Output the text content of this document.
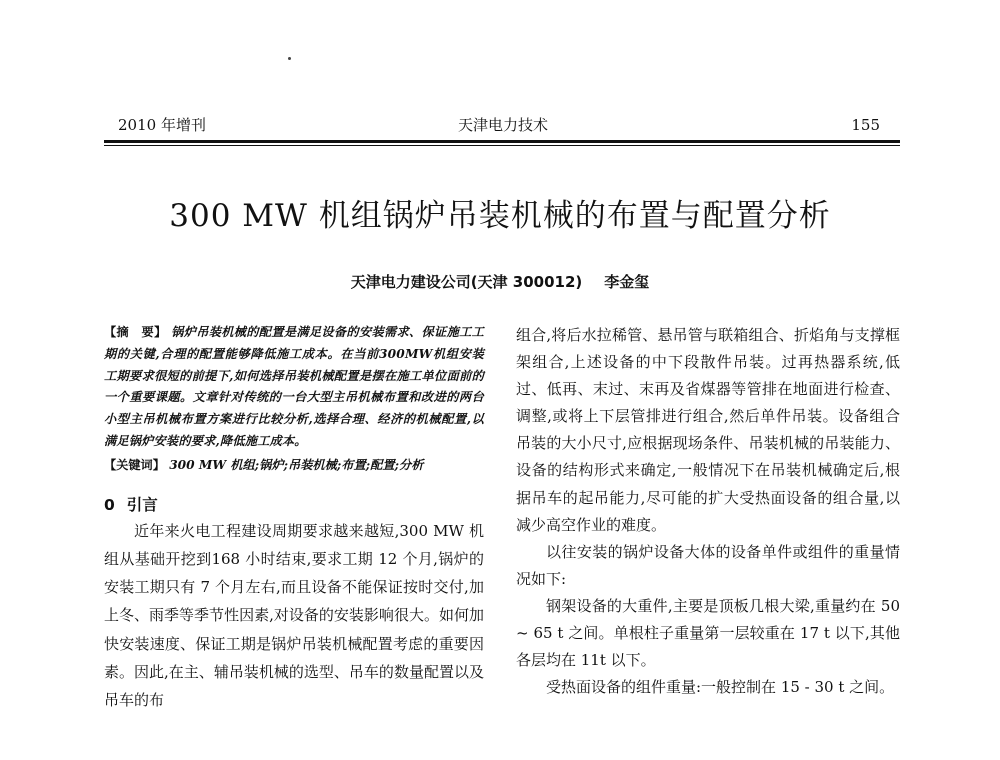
2010 年增刊	天津电力技术	155
300 MW 机组锅炉吊装机械的布置与配置分析
天津电力建设公司(天津 300012) 李金玺
【摘　要】 锅炉吊装机械的配置是满足设备的安装需求、保证施工工期的关键,合理的配置能够降低施工成本。在当前300MW机组安装工期要求很短的前提下,如何选择吊装机械配置是摆在施工单位面前的一个重要课题。文章针对传统的一台大型主吊机械布置和改进的两台小型主吊机械布置方案进行比较分析,选择合理、经济的机械配置,以满足锅炉安装的要求,降低施工成本。
【关键词】 300 MW 机组;锅炉;吊装机械;布置;配置;分析
0 引言

近年来火电工程建设周期要求越来越短,300 MW 机组从基础开挖到168 小时结束,要求工期 12 个月,锅炉的安装工期只有 7 个月左右,而且设备不能保证按时交付,加上冬、雨季等季节性因素,对设备的安装影响很大。如何加快安装速度、保证工期是锅炉吊装机械配置考虑的重要因素。因此,在主、辅吊装机械的选型、吊车的数量配置以及吊车的布

组合,将后水拉稀管、悬吊管与联箱组合、折焰角与支撑框架组合,上述设备的中下段散件吊装。过再热器系统,低过、低再、末过、末再及省煤器等管排在地面进行检查、调整,或将上下层管排进行组合,然后单件吊装。设备组合吊装的大小尺寸,应根据现场条件、吊装机械的吊装能力、设备的结构形式来确定,一般情况下在吊装机械确定后,根据吊车的起吊能力,尽可能的扩大受热面设备的组合量,以减少高空作业的难度。

以往安装的锅炉设备大体的设备单件或组件的重量情况如下:

钢架设备的大重件,主要是顶板几根大梁,重量约在 50 ~ 65 t 之间。单根柱子重量第一层较重在 17 t 以下,其他各层均在 11t 以下。

受热面设备的组件重量:一般控制在 15 - 30 t 之间。
